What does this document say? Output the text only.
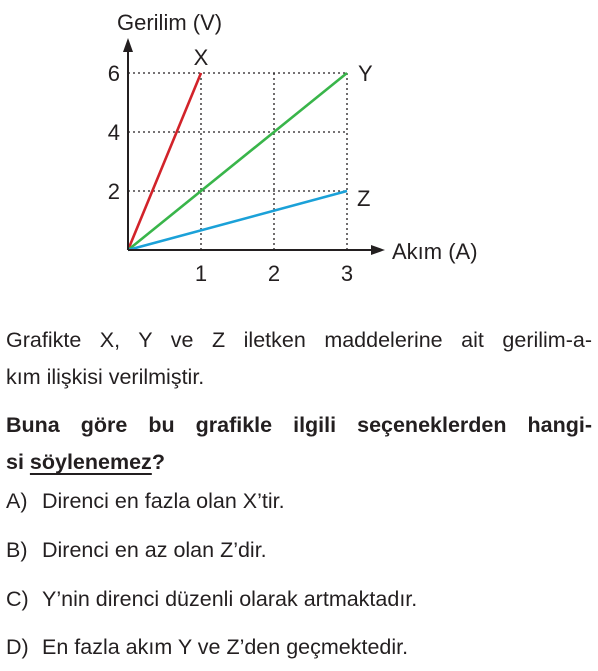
1	2	3
2
4
6
X
Y
Z
Gerilim (V)
Akım (A)
Grafikte X, Y ve Z iletken maddelerine ait gerilim-a-
kım ilişkisi verilmiştir.
Buna göre bu grafikle ilgili seçeneklerden hangi-
si söylenemez?
A) Direnci en fazla olan X’tir.
B) Direnci en az olan Z’dir.
C) Y’nin direnci düzenli olarak artmaktadır.
D) En fazla akım Y ve Z’den geçmektedir.
